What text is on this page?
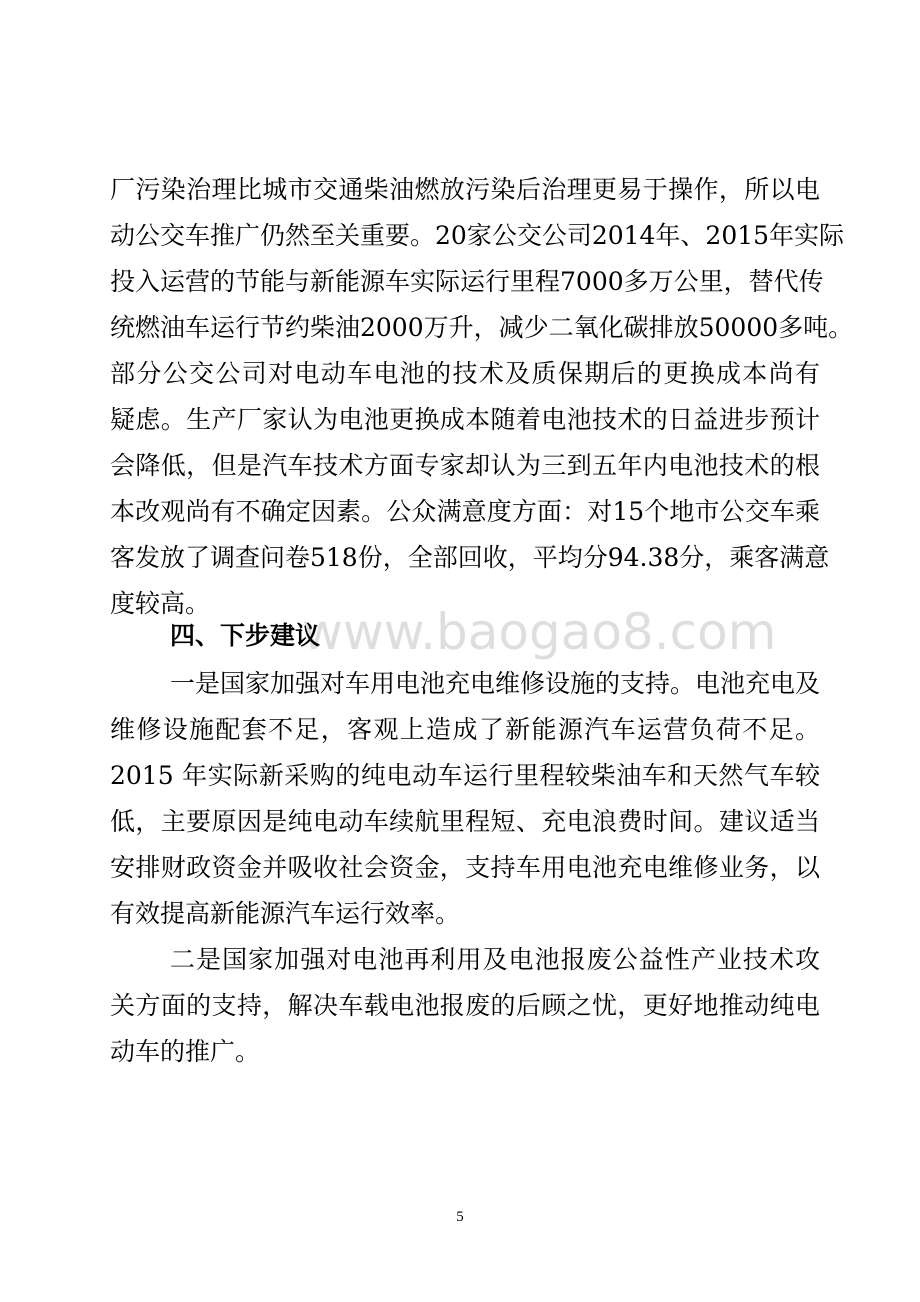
厂污染治理比城市交通柴油燃放污染后治理更易于操作，所以电
动公交车推广仍然至关重要。20家公交公司2014年、2015年实际
投入运营的节能与新能源车实际运行里程7000多万公里，替代传
统燃油车运行节约柴油2000万升，减少二氧化碳排放50000多吨。
部分公交公司对电动车电池的技术及质保期后的更换成本尚有
疑虑。生产厂家认为电池更换成本随着电池技术的日益进步预计
会降低，但是汽车技术方面专家却认为三到五年内电池技术的根
本改观尚有不确定因素。公众满意度方面：对15个地市公交车乘
客发放了调查问卷518份，全部回收，平均分94.38分，乘客满意
度较高。	www.baogao8.com
四、下步建议
一是国家加强对车用电池充电维修设施的支持。电池充电及
维修设施配套不足，客观上造成了新能源汽车运营负荷不足。
2015 年实际新采购的纯电动车运行里程较柴油车和天然气车较
低，主要原因是纯电动车续航里程短、充电浪费时间。建议适当
安排财政资金并吸收社会资金，支持车用电池充电维修业务，以
有效提高新能源汽车运行效率。
二是国家加强对电池再利用及电池报废公益性产业技术攻
关方面的支持，解决车载电池报废的后顾之忧，更好地推动纯电
动车的推广。
5
